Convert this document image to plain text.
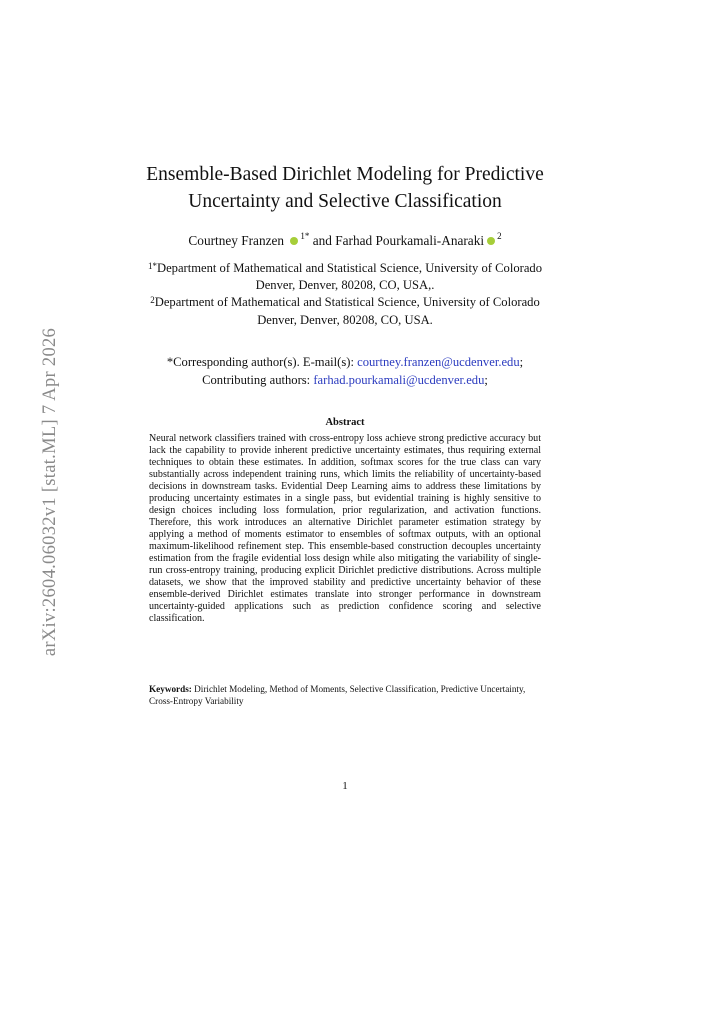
arXiv:2604.06032v1 [stat.ML] 7 Apr 2026
Ensemble-Based Dirichlet Modeling for Predictive Uncertainty and Selective Classification
Courtney Franzen $^{1*}$ and Farhad Pourkamali-Anaraki $^2$

$^{1*}$Department of Mathematical and Statistical Science, University of Colorado Denver, Denver, 80208, CO, USA,.

$^2$Department of Mathematical and Statistical Science, University of Colorado Denver, Denver, 80208, CO, USA.

*Corresponding author(s). E-mail(s): courtney.franzen@ucdenver.edu;

Contributing authors: farhad.pourkamali@ucdenver.edu;

Abstract

Neural network classifiers trained with cross-entropy loss achieve strong predictive accuracy but lack the capability to provide inherent predictive uncertainty estimates, thus requiring external techniques to obtain these estimates. In addition, softmax scores for the true class can vary substantially across independent training runs, which limits the reliability of uncertainty-based decisions in downstream tasks. Evidential Deep Learning aims to address these limitations by producing uncertainty estimates in a single pass, but evidential training is highly sensitive to design choices including loss formulation, prior regularization, and activation functions. Therefore, this work introduces an alternative Dirichlet parameter estimation strategy by applying a method of moments estimator to ensembles of softmax outputs, with an optional maximum-likelihood refinement step. This ensemble-based construction decouples uncertainty estimation from the fragile evidential loss design while also mitigating the variability of single-run cross-entropy training, producing explicit Dirichlet predictive distributions. Across multiple datasets, we show that the improved stability and predictive uncertainty behavior of these ensemble-derived Dirichlet estimates translate into stronger performance in downstream uncertainty-guided applications such as prediction confidence scoring and selective classification.

Keywords: Dirichlet Modeling, Method of Moments, Selective Classification, Predictive Uncertainty, Cross-Entropy Variability

1
